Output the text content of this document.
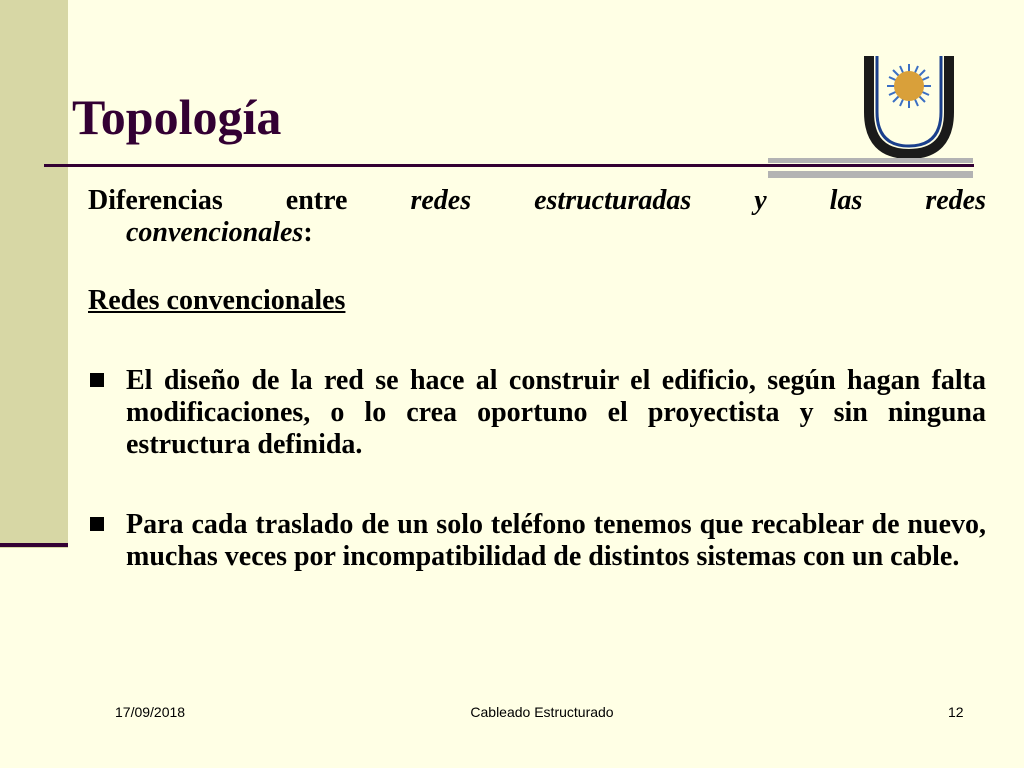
Topología

Diferencias entre redes estructuradas y las redes

convencionales:

Redes convencionales

El diseño de la red se hace al construir el edificio, según hagan falta modificaciones, o lo crea oportuno el proyectista y sin ninguna estructura definida.
Para cada traslado de un solo teléfono tenemos que recablear de nuevo, muchas veces por incompatibilidad de distintos sistemas con un cable.
17/09/2018	Cableado Estructurado	12
